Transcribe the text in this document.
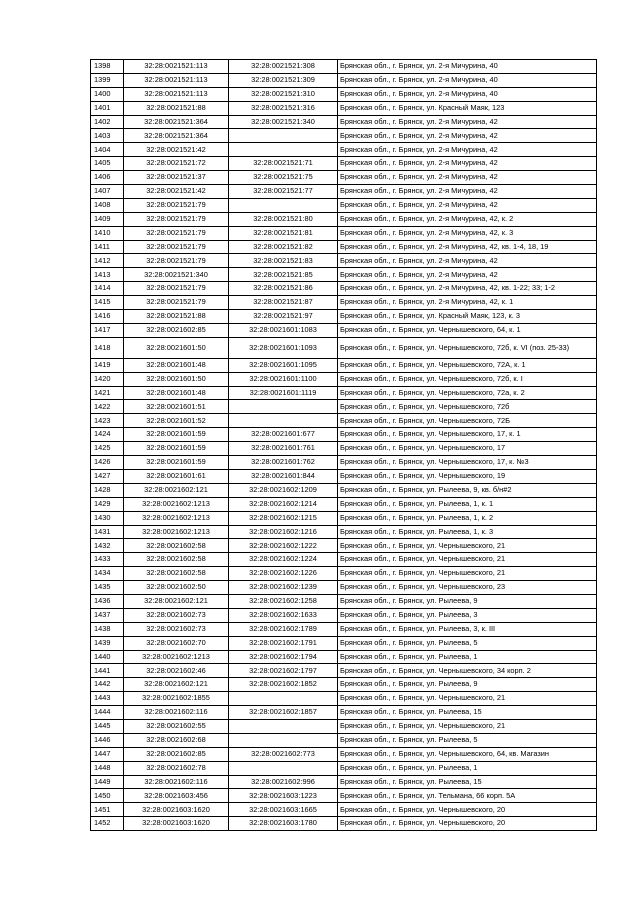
1398	32:28:0021521:113	32:28:0021521:308	Брянская обл., г. Брянск, ул. 2-я Мичурина, 40
1399	32:28:0021521:113	32:28:0021521:309	Брянская обл., г. Брянск, ул. 2-я Мичурина, 40
1400	32:28:0021521:113	32:28:0021521:310	Брянская обл., г. Брянск, ул. 2-я Мичурина, 40
1401	32:28:0021521:88	32:28:0021521:316	Брянская обл., г. Брянск, ул. Красный Маяк, 123
1402	32:28:0021521:364	32:28:0021521:340	Брянская обл., г. Брянск, ул. 2-я Мичурина, 42
1403	32:28:0021521:364		Брянская обл., г. Брянск, ул. 2-я Мичурина, 42
1404	32:28:0021521:42		Брянская обл., г. Брянск, ул. 2-я Мичурина, 42
1405	32:28:0021521:72	32:28:0021521:71	Брянская обл., г. Брянск, ул. 2-я Мичурина, 42
1406	32:28:0021521:37	32:28:0021521:75	Брянская обл., г. Брянск, ул. 2-я Мичурина, 42
1407	32:28:0021521:42	32:28:0021521:77	Брянская обл., г. Брянск, ул. 2-я Мичурина, 42
1408	32:28:0021521:79		Брянская обл., г. Брянск, ул. 2-я Мичурина, 42
1409	32:28:0021521:79	32:28:0021521:80	Брянская обл., г. Брянск, ул. 2-я Мичурина, 42, к. 2
1410	32:28:0021521:79	32:28:0021521:81	Брянская обл., г. Брянск, ул. 2-я Мичурина, 42, к. 3
1411	32:28:0021521:79	32:28:0021521:82	Брянская обл., г. Брянск, ул. 2-я Мичурина, 42, кв. 1-4, 18, 19
1412	32:28:0021521:79	32:28:0021521:83	Брянская обл., г. Брянск, ул. 2-я Мичурина, 42
1413	32:28:0021521:340	32:28:0021521:85	Брянская обл., г. Брянск, ул. 2-я Мичурина, 42
1414	32:28:0021521:79	32:28:0021521:86	Брянская обл., г. Брянск, ул. 2-я Мичурина, 42, кв. 1-22; 33; 1-2
1415	32:28:0021521:79	32:28:0021521:87	Брянская обл., г. Брянск, ул. 2-я Мичурина, 42, к. 1
1416	32:28:0021521:88	32:28:0021521:97	Брянская обл., г. Брянск, ул. Красный Маяк, 123, к. 3
1417	32:28:0021602:85	32:28:0021601:1083	Брянская обл., г. Брянск, ул. Чернышевского, 64, к. 1
1418	32:28:0021601:50	32:28:0021601:1093	Брянская обл., г. Брянск, ул. Чернышевского, 72б, к. VI (поз. 25-33)
1419	32:28:0021601:48	32:28:0021601:1095	Брянская обл., г. Брянск, ул. Чернышевского, 72А, к. 1
1420	32:28:0021601:50	32:28:0021601:1100	Брянская обл., г. Брянск, ул. Чернышевского, 72б, к. I
1421	32:28:0021601:48	32:28:0021601:1119	Брянская обл., г. Брянск, ул. Чернышевского, 72а, к. 2
1422	32:28:0021601:51		Брянская обл., г. Брянск, ул. Чернышевского, 72б
1423	32:28:0021601:52		Брянская обл., г. Брянск, ул. Чернышевского, 72Б
1424	32:28:0021601:59	32:28:0021601:677	Брянская обл., г. Брянск, ул. Чернышевского, 17, к. 1
1425	32:28:0021601:59	32:28:0021601:761	Брянская обл., г. Брянск, ул. Чернышевского, 17
1426	32:28:0021601:59	32:28:0021601:762	Брянская обл., г. Брянск, ул. Чернышевского, 17, к. №3
1427	32:28:0021601:61	32:28:0021601:844	Брянская обл., г. Брянск, ул. Чернышевского, 19
1428	32:28:0021602:121	32:28:0021602:1209	Брянская обл., г. Брянск, ул. Рылеева, 9, кв. б/н#2
1429	32:28:0021602:1213	32:28:0021602:1214	Брянская обл., г. Брянск, ул. Рылеева, 1, к. 1
1430	32:28:0021602:1213	32:28:0021602:1215	Брянская обл., г. Брянск, ул. Рылеева, 1, к. 2
1431	32:28:0021602:1213	32:28:0021602:1216	Брянская обл., г. Брянск, ул. Рылеева, 1, к. 3
1432	32:28:0021602:58	32:28:0021602:1222	Брянская обл., г. Брянск, ул. Чернышевского, 21
1433	32:28:0021602:58	32:28:0021602:1224	Брянская обл., г. Брянск, ул. Чернышевского, 21
1434	32:28:0021602:58	32:28:0021602:1226	Брянская обл., г. Брянск, ул. Чернышевского, 21
1435	32:28:0021602:50	32:28:0021602:1239	Брянская обл., г. Брянск, ул. Чернышевского, 23
1436	32:28:0021602:121	32:28:0021602:1258	Брянская обл., г. Брянск, ул. Рылеева, 9
1437	32:28:0021602:73	32:28:0021602:1633	Брянская обл., г. Брянск, ул. Рылеева, 3
1438	32:28:0021602:73	32:28:0021602:1789	Брянская обл., г. Брянск, ул. Рылеева, 3, к. III
1439	32:28:0021602:70	32:28:0021602:1791	Брянская обл., г. Брянск, ул. Рылеева, 5
1440	32:28:0021602:1213	32:28:0021602:1794	Брянская обл., г. Брянск, ул. Рылеева, 1
1441	32:28:0021602:46	32:28:0021602:1797	Брянская обл., г. Брянск, ул. Чернышевского, 34 корп. 2
1442	32:28:0021602:121	32:28:0021602:1852	Брянская обл., г. Брянск, ул. Рылеева, 9
1443	32:28:0021602:1855		Брянская обл., г. Брянск, ул. Чернышевского, 21
1444	32:28:0021602:116	32:28:0021602:1857	Брянская обл., г. Брянск, ул. Рылеева, 15
1445	32:28:0021602:55		Брянская обл., г. Брянск, ул. Чернышевского, 21
1446	32:28:0021602:68		Брянская обл., г. Брянск, ул. Рылеева, 5
1447	32:28:0021602:85	32:28:0021602:773	Брянская обл., г. Брянск, ул. Чернышевского, 64, кв. Магазин
1448	32:28:0021602:78		Брянская обл., г. Брянск, ул. Рылеева, 1
1449	32:28:0021602:116	32:28:0021602:996	Брянская обл., г. Брянск, ул. Рылеева, 15
1450	32:28:0021603:456	32:28:0021603:1223	Брянская обл., г. Брянск, ул. Тельмана, 66 корп. 5А
1451	32:28:0021603:1620	32:28:0021603:1665	Брянская обл., г. Брянск, ул. Чернышевского, 20
1452	32:28:0021603:1620	32:28:0021603:1780	Брянская обл., г. Брянск, ул. Чернышевского, 20
